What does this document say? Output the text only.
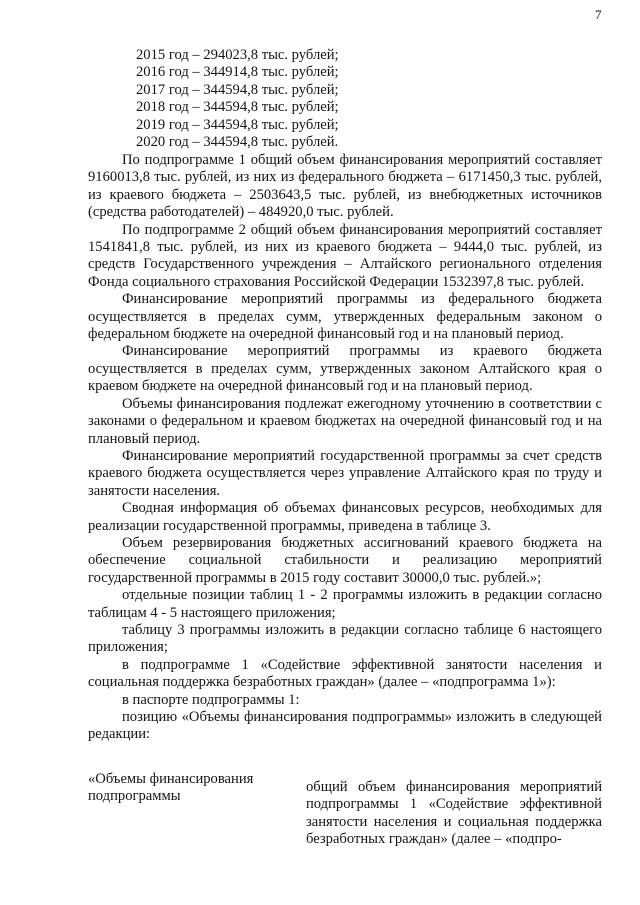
7
2015 год – 294023,8 тыс. рублей;
2016 год – 344914,8 тыс. рублей;
2017 год – 344594,8 тыс. рублей;
2018 год – 344594,8 тыс. рублей;
2019 год – 344594,8 тыс. рублей;
2020 год – 344594,8 тыс. рублей.

По подпрограмме 1 общий объем финансирования мероприятий составляет 9160013,8 тыс. рублей, из них из федерального бюджета – 6171450,3 тыс. рублей, из краевого бюджета – 2503643,5 тыс. рублей, из внебюджетных источников (средства работодателей) – 484920,0 тыс. рублей.

По подпрограмме 2 общий объем финансирования мероприятий составляет 1541841,8 тыс. рублей, из них из краевого бюджета – 9444,0 тыс. рублей, из средств Государственного учреждения – Алтайского регионального отделения Фонда социального страхования Российской Федерации 1532397,8 тыс. рублей.

Финансирование мероприятий программы из федерального бюджета осуществляется в пределах сумм, утвержденных федеральным законом о федеральном бюджете на очередной финансовый год и на плановый период.

Финансирование мероприятий программы из краевого бюджета осуществляется в пределах сумм, утвержденных законом Алтайского края о краевом бюджете на очередной финансовый год и на плановый период.

Объемы финансирования подлежат ежегодному уточнению в соответствии с законами о федеральном и краевом бюджетах на очередной финансовый год и на плановый период.

Финансирование мероприятий государственной программы за счет средств краевого бюджета осуществляется через управление Алтайского края по труду и занятости населения.

Сводная информация об объемах финансовых ресурсов, необходимых для реализации государственной программы, приведена в таблице 3.

Объем резервирования бюджетных ассигнований краевого бюджета на обеспечение социальной стабильности и реализацию мероприятий государственной программы в 2015 году составит 30000,0 тыс. рублей.»;

отдельные позиции таблиц 1 - 2 программы изложить в редакции согласно таблицам 4 - 5 настоящего приложения;

таблицу 3 программы изложить в редакции согласно таблице 6 настоящего приложения;

в подпрограмме 1 «Содействие эффективной занятости населения и социальная поддержка безработных граждан» (далее – «подпрограмма 1»):

в паспорте подпрограммы 1:

позицию «Объемы финансирования подпрограммы» изложить в следующей редакции:

«Объемы финансирования подпрограммы
общий объем финансирования мероприятий подпрограммы 1 «Содействие эффективной занятости населения и социальная поддержка безработных граждан» (далее – «подпро-
